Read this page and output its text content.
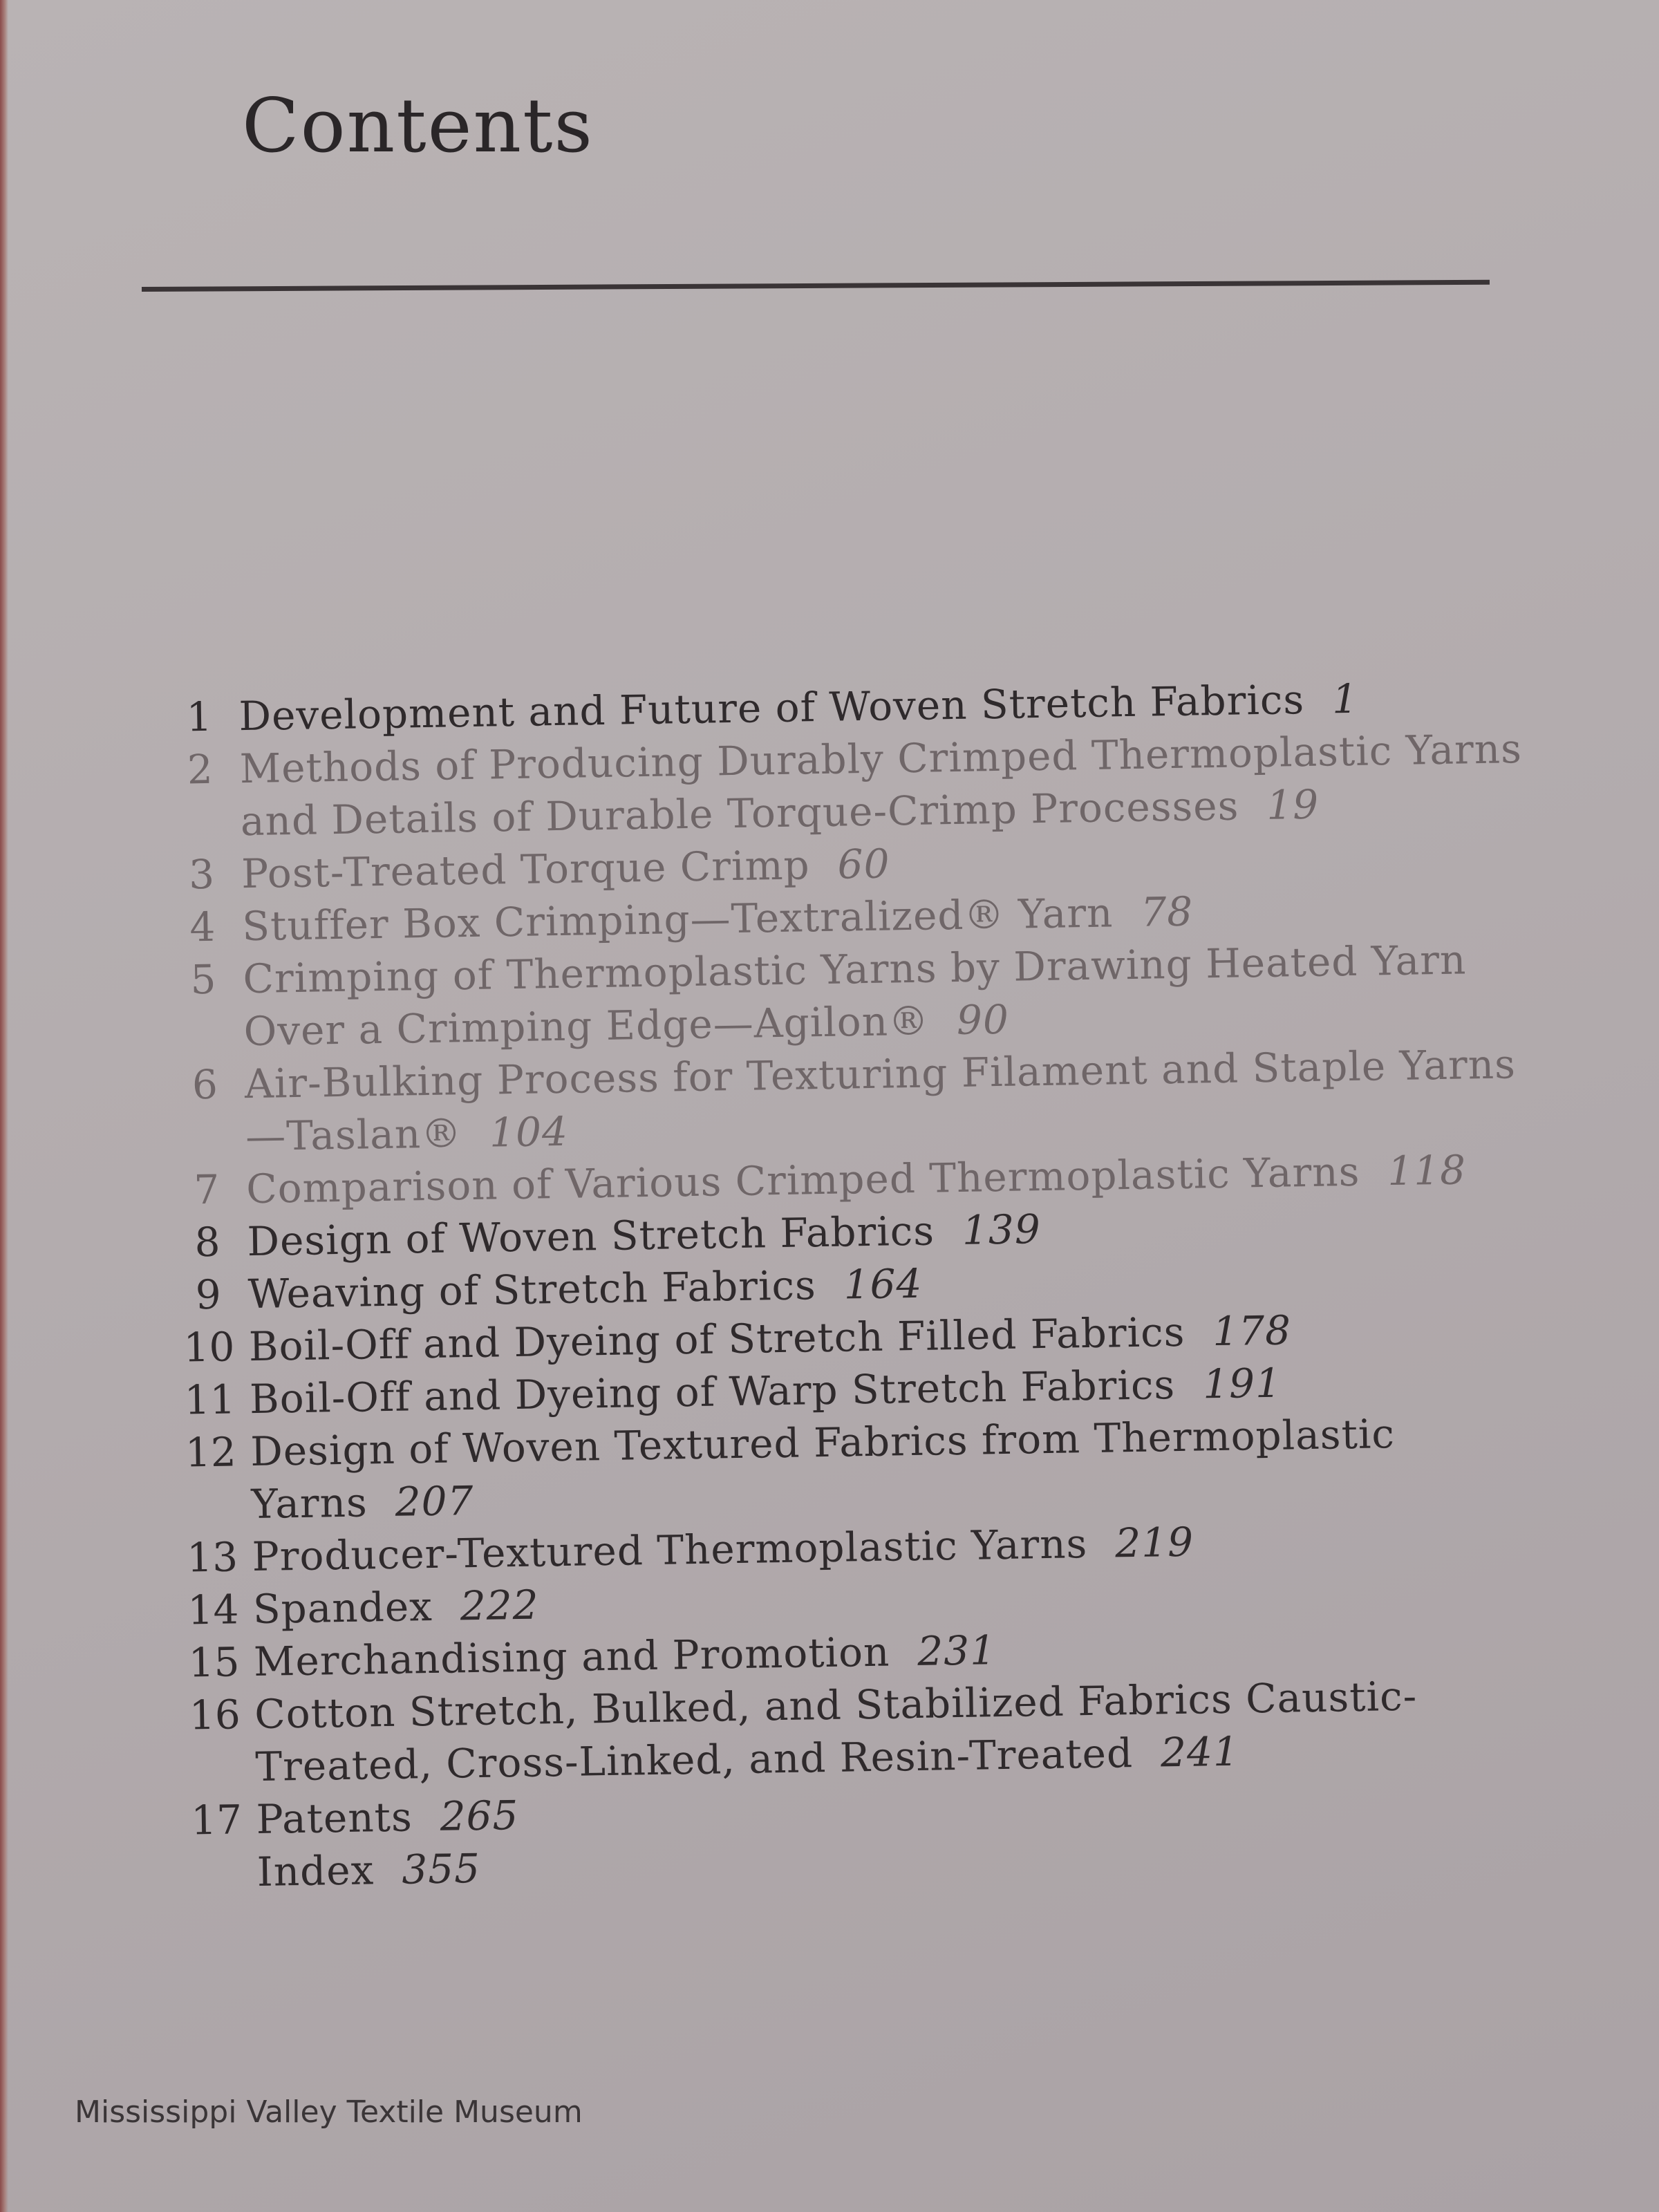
Contents
1 Development and Future of Woven Stretch Fabrics 1
2 Methods of Producing Durably Crimped Thermoplastic Yarns and Details of Durable Torque-Crimp Processes 19
3 Post-Treated Torque Crimp 60
4 Stuffer Box Crimping—Textralized® Yarn 78
5 Crimping of Thermoplastic Yarns by Drawing Heated Yarn Over a Crimping Edge—Agilon® 90
6 Air-Bulking Process for Texturing Filament and Staple Yarns—Taslan® 104
7 Comparison of Various Crimped Thermoplastic Yarns 118
8 Design of Woven Stretch Fabrics 139
9 Weaving of Stretch Fabrics 164
10 Boil-Off and Dyeing of Stretch Filled Fabrics 178
11 Boil-Off and Dyeing of Warp Stretch Fabrics 191
12 Design of Woven Textured Fabrics from Thermoplastic Yarns 207
13 Producer-Textured Thermoplastic Yarns 219
14 Spandex 222
15 Merchandising and Promotion 231
16 Cotton Stretch, Bulked, and Stabilized Fabrics Caustic-Treated, Cross-Linked, and Resin-Treated 241
17 Patents 265
Index 355
Mississippi Valley Textile Museum
